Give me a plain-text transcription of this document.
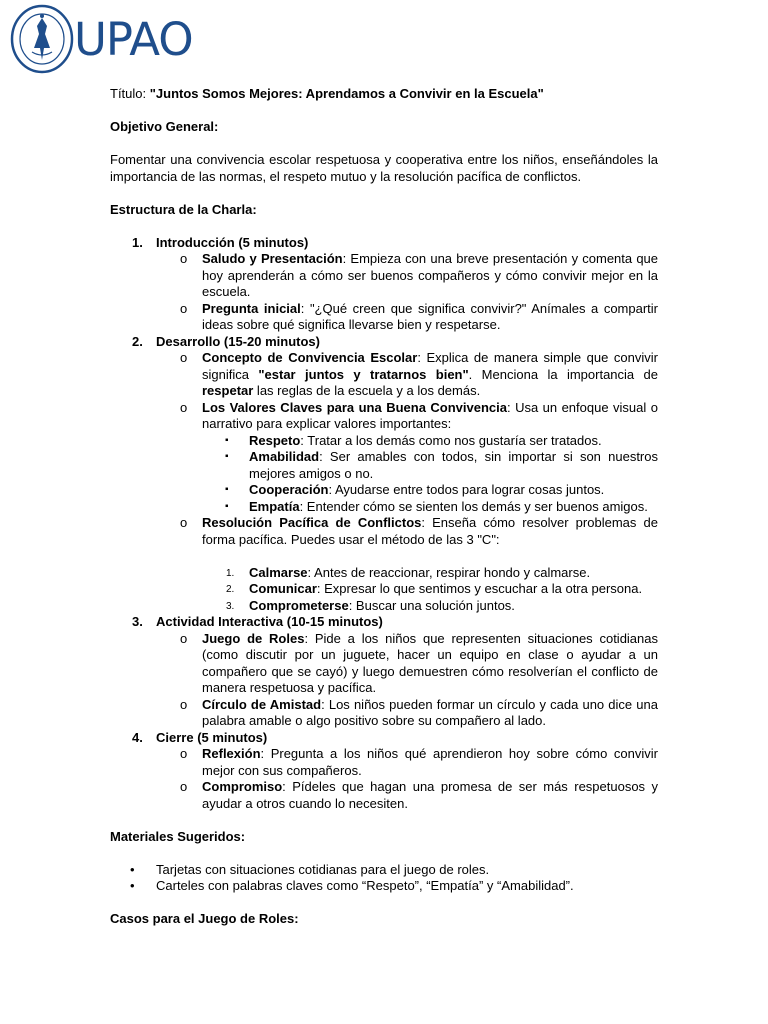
UPAO

Título: "Juntos Somos Mejores: Aprendamos a Convivir en la Escuela"

Objetivo General:

Fomentar una convivencia escolar respetuosa y cooperativa entre los niños, enseñándoles la importancia de las normas, el respeto mutuo y la resolución pacífica de conflictos.

Estructura de la Charla:

1. Introducción (5 minutos)

o Saludo y Presentación: Empieza con una breve presentación y comenta que hoy aprenderán a cómo ser buenos compañeros y cómo convivir mejor en la escuela.

o Pregunta inicial: "¿Qué creen que significa convivir?" Anímales a compartir ideas sobre qué significa llevarse bien y respetarse.

2. Desarrollo (15-20 minutos)

o Concepto de Convivencia Escolar: Explica de manera simple que convivir significa "estar juntos y tratarnos bien". Menciona la importancia de respetar las reglas de la escuela y a los demás.

o Los Valores Claves para una Buena Convivencia: Usa un enfoque visual o narrativo para explicar valores importantes:

▪ Respeto: Tratar a los demás como nos gustaría ser tratados.

▪ Amabilidad: Ser amables con todos, sin importar si son nuestros mejores amigos o no.

▪ Cooperación: Ayudarse entre todos para lograr cosas juntos.

▪ Empatía: Entender cómo se sienten los demás y ser buenos amigos.

o Resolución Pacífica de Conflictos: Enseña cómo resolver problemas de forma pacífica. Puedes usar el método de las 3 "C":

1. Calmarse: Antes de reaccionar, respirar hondo y calmarse.

2. Comunicar: Expresar lo que sentimos y escuchar a la otra persona.

3. Comprometerse: Buscar una solución juntos.

3. Actividad Interactiva (10-15 minutos)

o Juego de Roles: Pide a los niños que representen situaciones cotidianas (como discutir por un juguete, hacer un equipo en clase o ayudar a un compañero que se cayó) y luego demuestren cómo resolverían el conflicto de manera respetuosa y pacífica.

o Círculo de Amistad: Los niños pueden formar un círculo y cada uno dice una palabra amable o algo positivo sobre su compañero al lado.

4. Cierre (5 minutos)

o Reflexión: Pregunta a los niños qué aprendieron hoy sobre cómo convivir mejor con sus compañeros.

o Compromiso: Pídeles que hagan una promesa de ser más respetuosos y ayudar a otros cuando lo necesiten.

Materiales Sugeridos:

• Tarjetas con situaciones cotidianas para el juego de roles.

• Carteles con palabras claves como “Respeto”, “Empatía” y “Amabilidad”.

Casos para el Juego de Roles:
